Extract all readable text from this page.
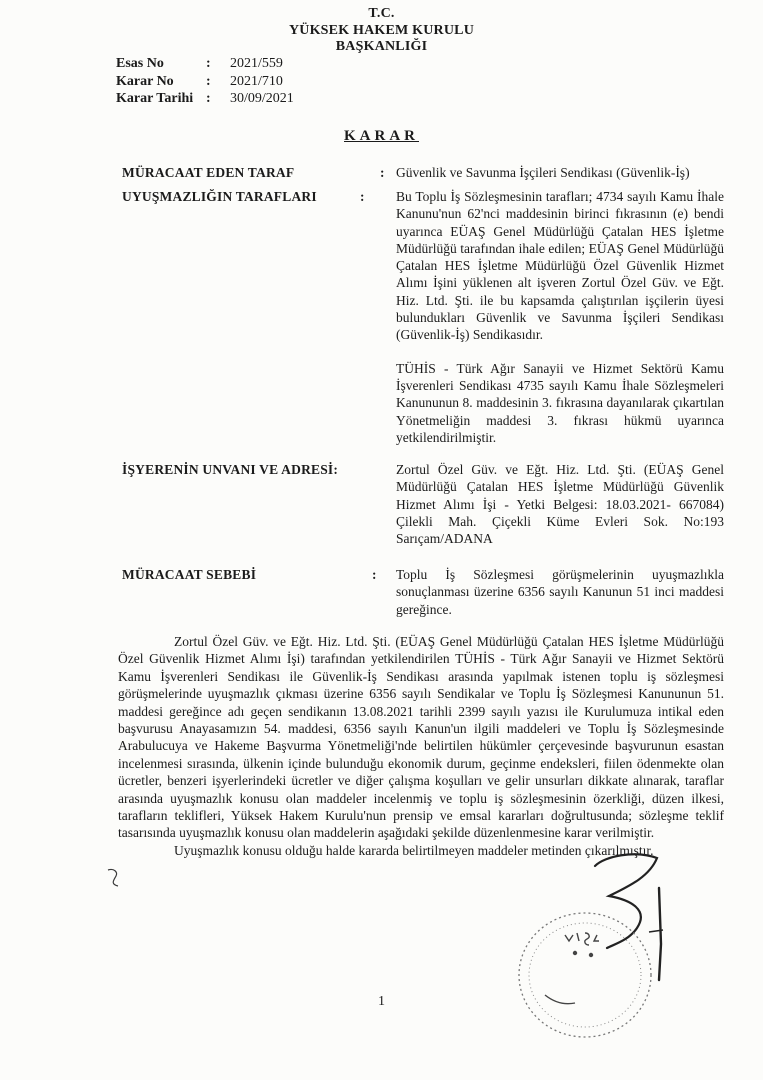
T.C.
YÜKSEK HAKEM KURULU
BAŞKANLIĞI
Esas No	:	2021/559
Karar No	:	2021/710
Karar Tarihi :	30/09/2021
KARAR
MÜRACAAT EDEN TARAF	: Güvenlik ve Savunma İşçileri Sendikası (Güvenlik-İş)

UYUŞMAZLIĞIN TARAFLARI	: Bu Toplu İş Sözleşmesinin tarafları; 4734 sayılı Kamu İhale Kanunu'nun 62'nci maddesinin birinci fıkrasının (e) bendi uyarınca EÜAŞ Genel Müdürlüğü Çatalan HES İşletme Müdürlüğü tarafından ihale edilen; EÜAŞ Genel Müdürlüğü Çatalan HES İşletme Müdürlüğü Özel Güvenlik Hizmet Alımı İşini yüklenen alt işveren Zortul Özel Güv. ve Eğt. Hiz. Ltd. Şti. ile bu kapsamda çalıştırılan işçilerin üyesi bulundukları Güvenlik ve Savunma İşçileri Sendikası (Güvenlik-İş) Sendikasıdır.

TÜHİS - Türk Ağır Sanayii ve Hizmet Sektörü Kamu İşverenleri Sendikası 4735 sayılı Kamu İhale Sözleşmeleri Kanununun 8. maddesinin 3. fıkrasına dayanılarak çıkartılan Yönetmeliğin maddesi 3. fıkrası hükmü uyarınca yetkilendirilmiştir.

İŞYERENİN UNVANI VE ADRESİ:	Zortul Özel Güv. ve Eğt. Hiz. Ltd. Şti. (EÜAŞ Genel Müdürlüğü Çatalan HES İşletme Müdürlüğü Güvenlik Hizmet Alımı İşi - Yetki Belgesi: 18.03.2021- 667084) Çilekli Mah. Çiçekli Küme Evleri Sok. No:193 Sarıçam/ADANA

MÜRACAAT SEBEBİ	: Toplu İş Sözleşmesi görüşmelerinin uyuşmazlıkla sonuçlanması üzerine 6356 sayılı Kanunun 51 inci maddesi gereğince.

Zortul Özel Güv. ve Eğt. Hiz. Ltd. Şti. (EÜAŞ Genel Müdürlüğü Çatalan HES İşletme Müdürlüğü Özel Güvenlik Hizmet Alımı İşi) tarafından yetkilendirilen TÜHİS - Türk Ağır Sanayii ve Hizmet Sektörü Kamu İşverenleri Sendikası ile Güvenlik-İş Sendikası arasında yapılmak istenen toplu iş sözleşmesi görüşmelerinde uyuşmazlık çıkması üzerine 6356 sayılı Sendikalar ve Toplu İş Sözleşmesi Kanununun 51. maddesi gereğince adı geçen sendikanın 13.08.2021 tarihli 2399 sayılı yazısı ile Kurulumuza intikal eden başvurusu Anayasamızın 54. maddesi, 6356 sayılı Kanun'un ilgili maddeleri ve Toplu İş Sözleşmesinde Arabulucuya ve Hakeme Başvurma Yönetmeliği'nde belirtilen hükümler çerçevesinde başvurunun esastan incelenmesi sırasında, ülkenin içinde bulunduğu ekonomik durum, geçinme endeksleri, fiilen ödenmekte olan ücretler, benzeri işyerlerindeki ücretler ve diğer çalışma koşulları ve gelir unsurları dikkate alınarak, taraflar arasında uyuşmazlık konusu olan maddeler incelenmiş ve toplu iş sözleşmesinin özerkliği, düzen ilkesi, tarafların teklifleri, Yüksek Hakem Kurulu'nun prensip ve emsal kararları doğrultusunda; sözleşme teklif tasarısında uyuşmazlık konusu olan maddelerin aşağıdaki şekilde düzenlenmesine karar verilmiştir.

Uyuşmazlık konusu olduğu halde kararda belirtilmeyen maddeler metinden çıkarılmıştır.

1
